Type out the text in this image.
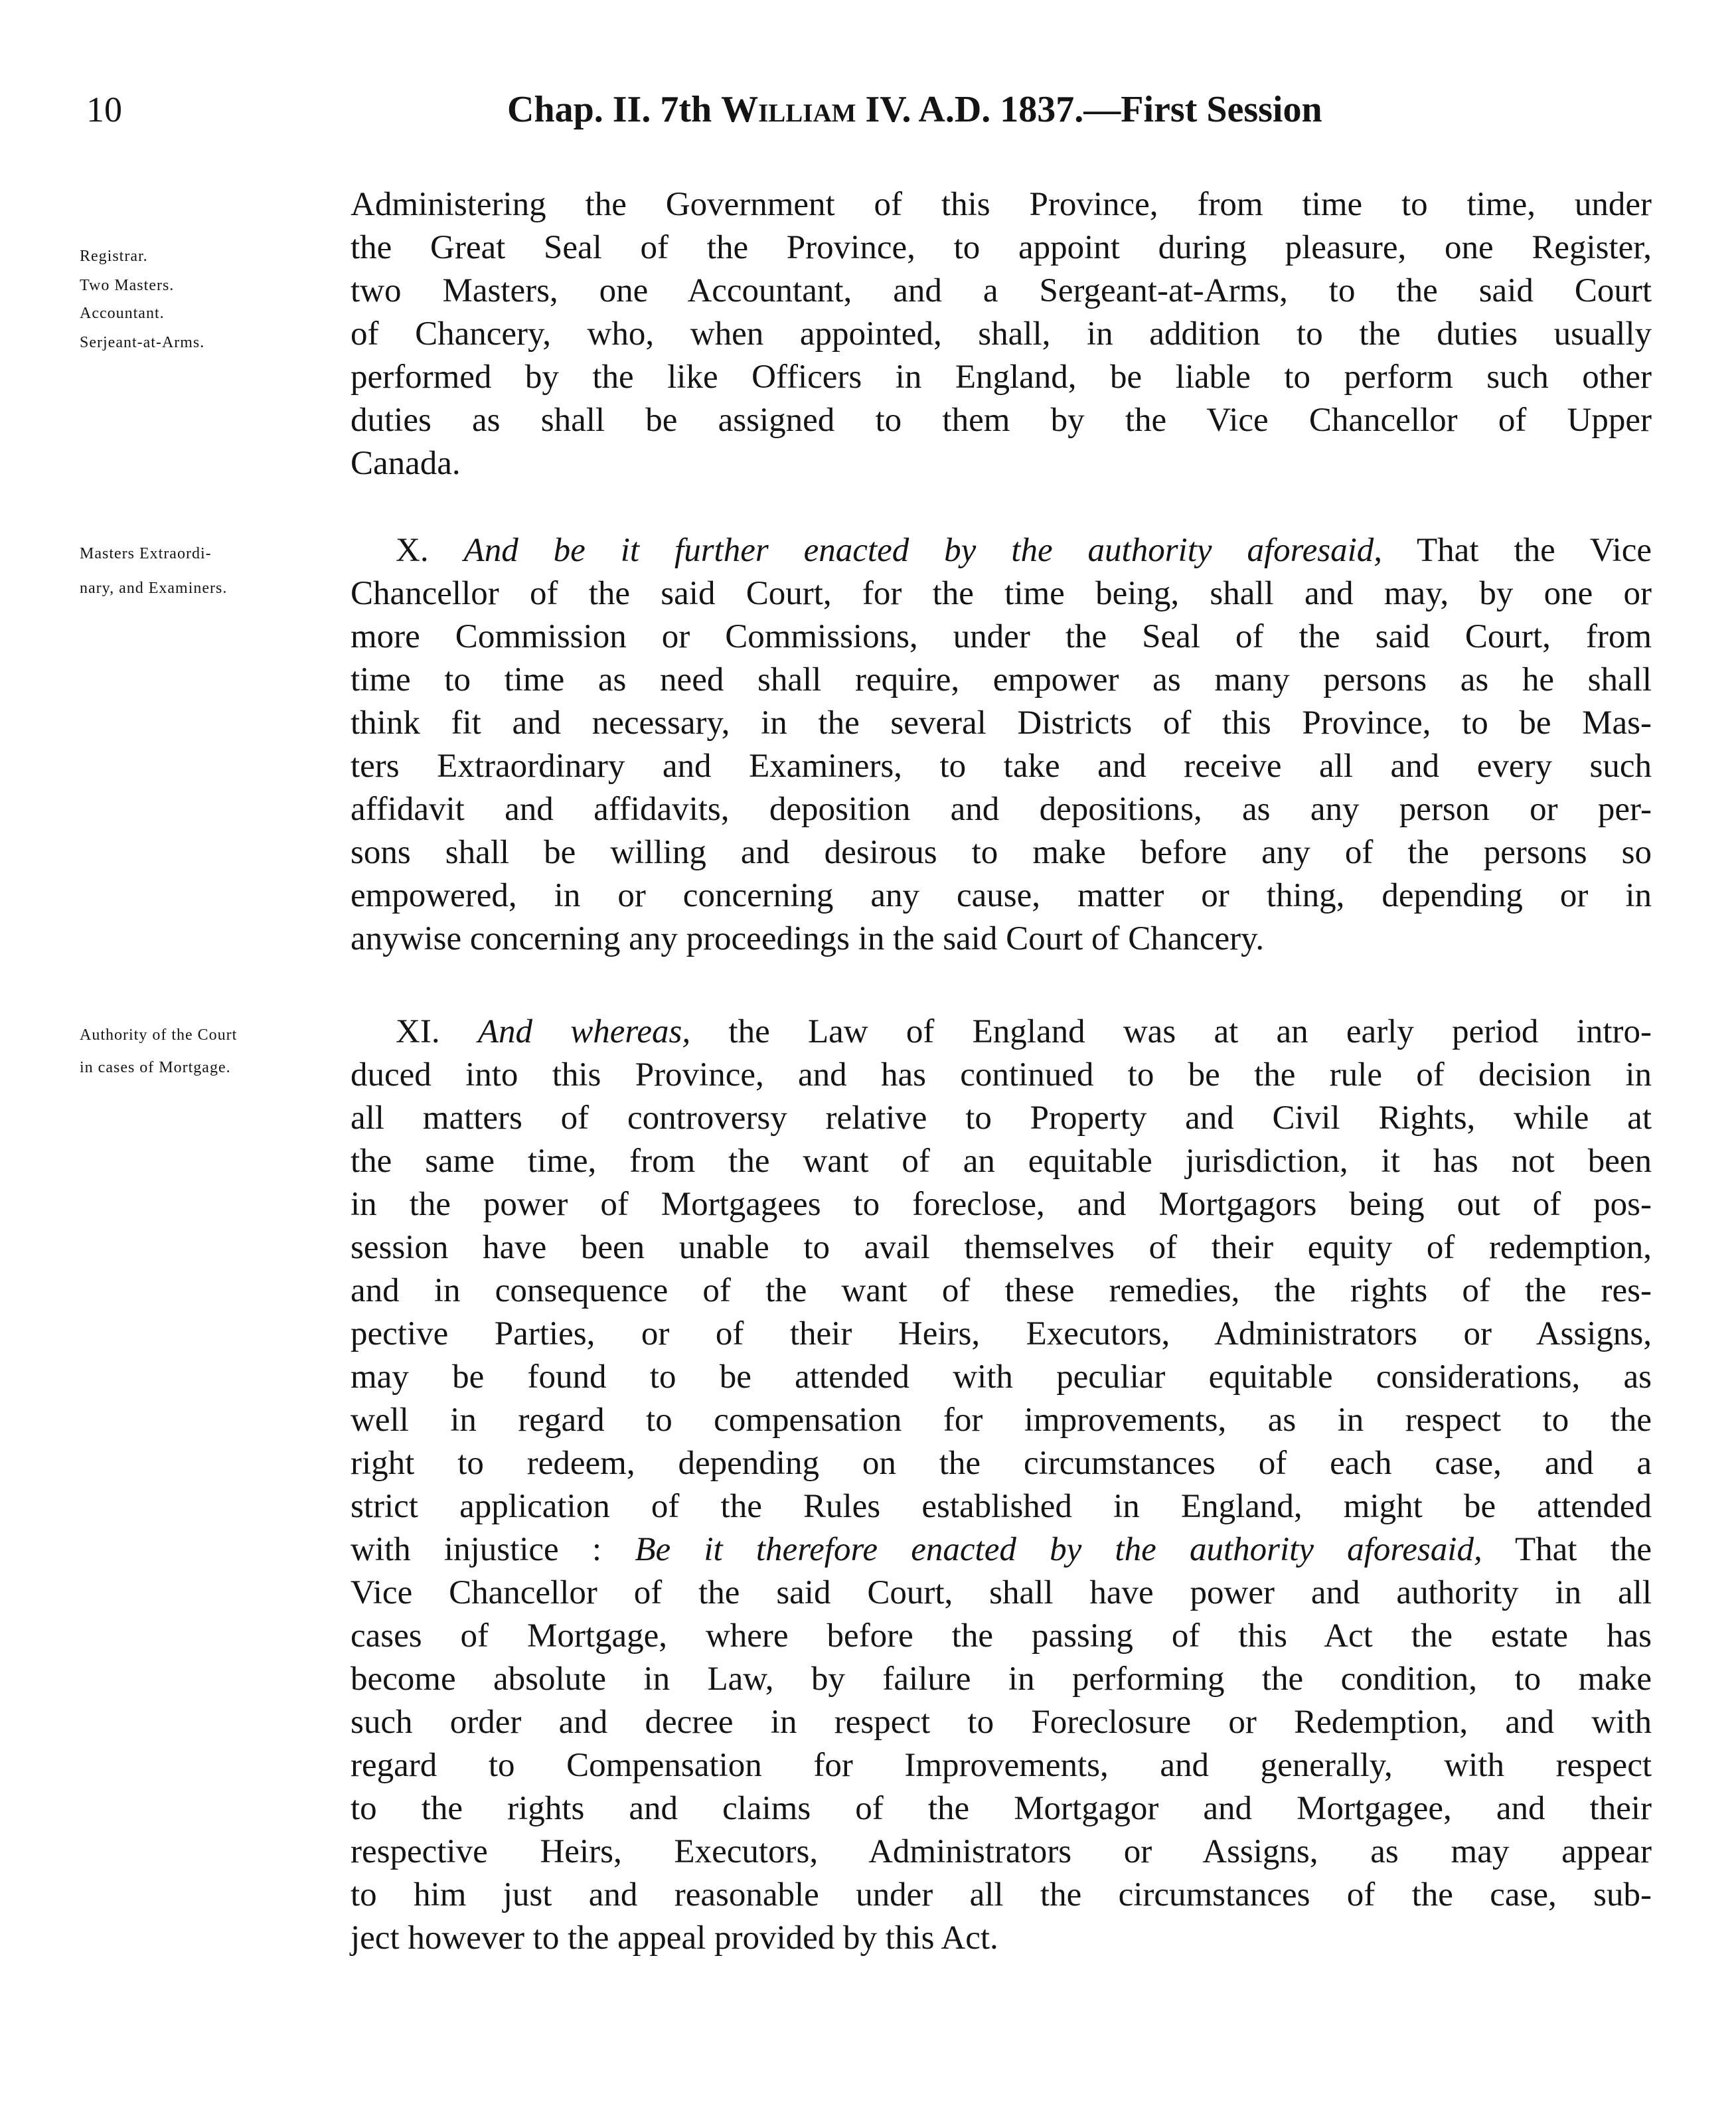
10	Chap. II. 7th William IV. A.D. 1837.—First Session
Registrar.
Two Masters.
Accountant.
Serjeant-at-Arms.
Masters Extraordi-
nary, and Examiners.
Authority of the Court
in cases of Mortgage.
Administering the Government of this Province, from time to time, under
the Great Seal of the Province, to appoint during pleasure, one Register,
two Masters, one Accountant, and a Sergeant-at-Arms, to the said Court
of Chancery, who, when appointed, shall, in addition to the duties usually
performed by the like Officers in England, be liable to perform such other
duties as shall be assigned to them by the Vice Chancellor of Upper
Canada.
X. And be it further enacted by the authority aforesaid, That the Vice
Chancellor of the said Court, for the time being, shall and may, by one or
more Commission or Commissions, under the Seal of the said Court, from
time to time as need shall require, empower as many persons as he shall
think fit and necessary, in the several Districts of this Province, to be Mas-
ters Extraordinary and Examiners, to take and receive all and every such
affidavit and affidavits, deposition and depositions, as any person or per-
sons shall be willing and desirous to make before any of the persons so
empowered, in or concerning any cause, matter or thing, depending or in
anywise concerning any proceedings in the said Court of Chancery.
XI. And whereas, the Law of England was at an early period intro-
duced into this Province, and has continued to be the rule of decision in
all matters of controversy relative to Property and Civil Rights, while at
the same time, from the want of an equitable jurisdiction, it has not been
in the power of Mortgagees to foreclose, and Mortgagors being out of pos-
session have been unable to avail themselves of their equity of redemption,
and in consequence of the want of these remedies, the rights of the res-
pective Parties, or of their Heirs, Executors, Administrators or Assigns,
may be found to be attended with peculiar equitable considerations, as
well in regard to compensation for improvements, as in respect to the
right to redeem, depending on the circumstances of each case, and a
strict application of the Rules established in England, might be attended
with injustice : Be it therefore enacted by the authority aforesaid, That the
Vice Chancellor of the said Court, shall have power and authority in all
cases of Mortgage, where before the passing of this Act the estate has
become absolute in Law, by failure in performing the condition, to make
such order and decree in respect to Foreclosure or Redemption, and with
regard to Compensation for Improvements, and generally, with respect
to the rights and claims of the Mortgagor and Mortgagee, and their
respective Heirs, Executors, Administrators or Assigns, as may appear
to him just and reasonable under all the circumstances of the case, sub-
ject however to the appeal provided by this Act.
